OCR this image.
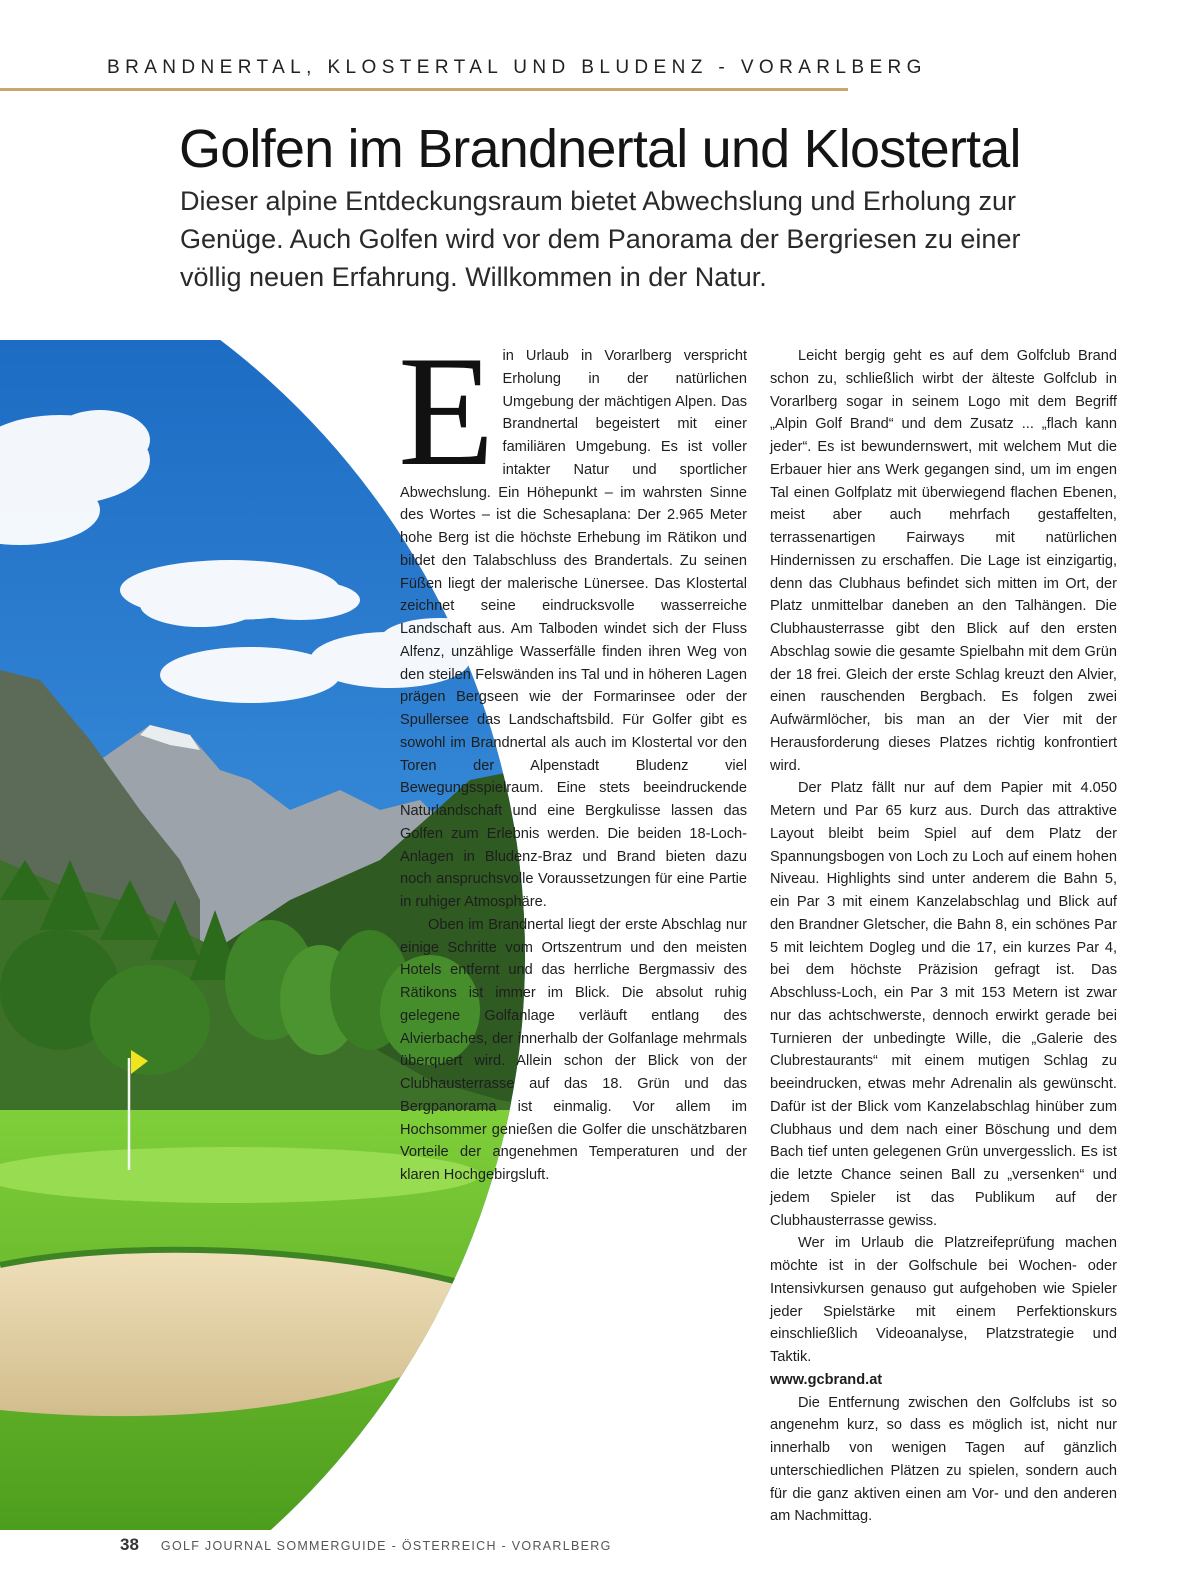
BRANDNERTAL, KLOSTERTAL UND BLUDENZ - VORARLBERG
Golfen im Brandnertal und Klostertal

Dieser alpine Entdeckungsraum bietet Abwechslung und Erholung zur Genüge. Auch Golfen wird vor dem Panorama der Bergriesen zu einer völlig neuen Erfahrung. Willkommen in der Natur.

E in Urlaub in Vorarlberg verspricht Erholung in der natürlichen Umgebung der mächtigen Alpen. Das Brandnertal begeistert mit einer familiären Umgebung. Es ist voller intakter Natur und sportlicher Abwechslung. Ein Höhepunkt – im wahrsten Sinne des Wortes – ist die Schesaplana: Der 2.965 Meter hohe Berg ist die höchste Erhebung im Rätikon und bildet den Talabschluss des Brandertals. Zu seinen Füßen liegt der malerische Lünersee. Das Klostertal zeichnet seine eindrucksvolle wasserreiche Landschaft aus. Am Talboden windet sich der Fluss Alfenz, unzählige Wasserfälle finden ihren Weg von den steilen Felswänden ins Tal und in höheren Lagen prägen Bergseen wie der Formarinsee oder der Spullersee das Landschaftsbild. Für Golfer gibt es sowohl im Brandnertal als auch im Klostertal vor den Toren der Alpenstadt Bludenz viel Bewegungsspielraum. Eine stets beeindruckende Naturlandschaft und eine Bergkulisse lassen das Golfen zum Erlebnis werden. Die beiden 18-Loch-Anlagen in Bludenz-Braz und Brand bieten dazu noch anspruchsvolle Voraussetzungen für eine Partie in ruhiger Atmosphäre.

Oben im Brandnertal liegt der erste Abschlag nur einige Schritte vom Ortszentrum und den meisten Hotels entfernt und das herrliche Bergmassiv des Rätikons ist immer im Blick. Die absolut ruhig gelegene Golfanlage verläuft entlang des Alvierbaches, der innerhalb der Golfanlage mehrmals überquert wird. Allein schon der Blick von der Clubhausterrasse auf das 18. Grün und das Bergpanorama ist einmalig. Vor allem im Hochsommer genießen die Golfer die unschätzbaren Vorteile der angenehmen Temperaturen und der klaren Hochgebirgsluft.

Leicht bergig geht es auf dem Golfclub Brand schon zu, schließlich wirbt der älteste Golfclub in Vorarlberg sogar in seinem Logo mit dem Begriff „Alpin Golf Brand“ und dem Zusatz ... „flach kann jeder“. Es ist bewundernswert, mit welchem Mut die Erbauer hier ans Werk gegangen sind, um im engen Tal einen Golfplatz mit überwiegend flachen Ebenen, meist aber auch mehrfach gestaffelten, terrassenartigen Fairways mit natürlichen Hindernissen zu erschaffen. Die Lage ist einzigartig, denn das Clubhaus befindet sich mitten im Ort, der Platz unmittelbar daneben an den Talhängen. Die Clubhausterrasse gibt den Blick auf den ersten Abschlag sowie die gesamte Spielbahn mit dem Grün der 18 frei. Gleich der erste Schlag kreuzt den Alvier, einen rauschenden Bergbach. Es folgen zwei Aufwärmlöcher, bis man an der Vier mit der Herausforderung dieses Platzes richtig konfrontiert wird.

Der Platz fällt nur auf dem Papier mit 4.050 Metern und Par 65 kurz aus. Durch das attraktive Layout bleibt beim Spiel auf dem Platz der Spannungsbogen von Loch zu Loch auf einem hohen Niveau. Highlights sind unter anderem die Bahn 5, ein Par 3 mit einem Kanzelabschlag und Blick auf den Brandner Gletscher, die Bahn 8, ein schönes Par 5 mit leichtem Dogleg und die 17, ein kurzes Par 4, bei dem höchste Präzision gefragt ist. Das Abschluss-Loch, ein Par 3 mit 153 Metern ist zwar nur das achtschwerste, dennoch erwirkt gerade bei Turnieren der unbedingte Wille, die „Galerie des Clubrestaurants“ mit einem mutigen Schlag zu beeindrucken, etwas mehr Adrenalin als gewünscht. Dafür ist der Blick vom Kanzelabschlag hinüber zum Clubhaus und dem nach einer Böschung und dem Bach tief unten gelegenen Grün unvergesslich. Es ist die letzte Chance seinen Ball zu „versenken“ und jedem Spieler ist das Publikum auf der Clubhausterrasse gewiss.

Wer im Urlaub die Platzreifeprüfung machen möchte ist in der Golfschule bei Wochen- oder Intensivkursen genauso gut aufgehoben wie Spieler jeder Spielstärke mit einem Perfektionskurs einschließlich Videoanalyse, Platzstrategie und Taktik.

www.gcbrand.at

Die Entfernung zwischen den Golfclubs ist so angenehm kurz, so dass es möglich ist, nicht nur innerhalb von wenigen Tagen auf gänzlich unterschiedlichen Plätzen zu spielen, sondern auch für die ganz aktiven einen am Vor- und den anderen am Nachmittag.

38 GOLF JOURNAL SOMMERGUIDE - ÖSTERREICH - VORARLBERG
